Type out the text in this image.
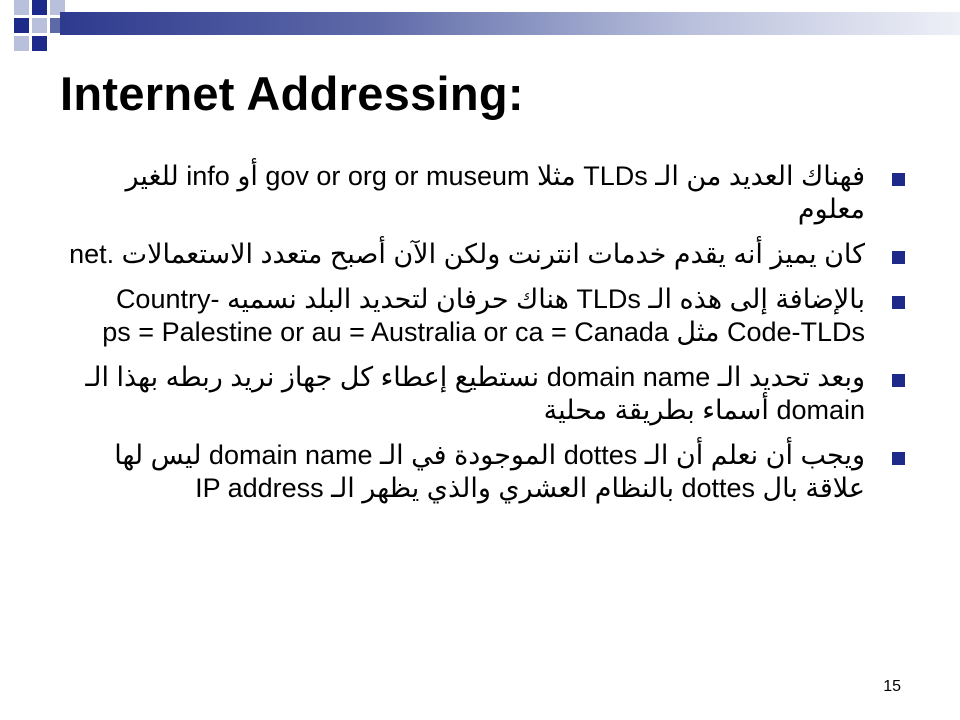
Internet Addressing:
فهناك العديد من الـ TLDs مثلا gov or org or museum أو info للغير معلوم
net. كان يميز أنه يقدم خدمات انترنت ولكن الآن أصبح متعدد الاستعمالات
بالإضافة إلى هذه الـ TLDs هناك حرفان لتحديد البلد نسميه Country-Code-TLDs مثل ps = Palestine or au = Australia or ca = Canada
وبعد تحديد الـ domain name نستطيع إعطاء كل جهاز نريد ربطه بهذا الـ domain أسماء بطريقة محلية
ويجب أن نعلم أن الـ dottes الموجودة في الـ domain name ليس لها علاقة بال dottes بالنظام العشري والذي يظهر الـ IP address
15
